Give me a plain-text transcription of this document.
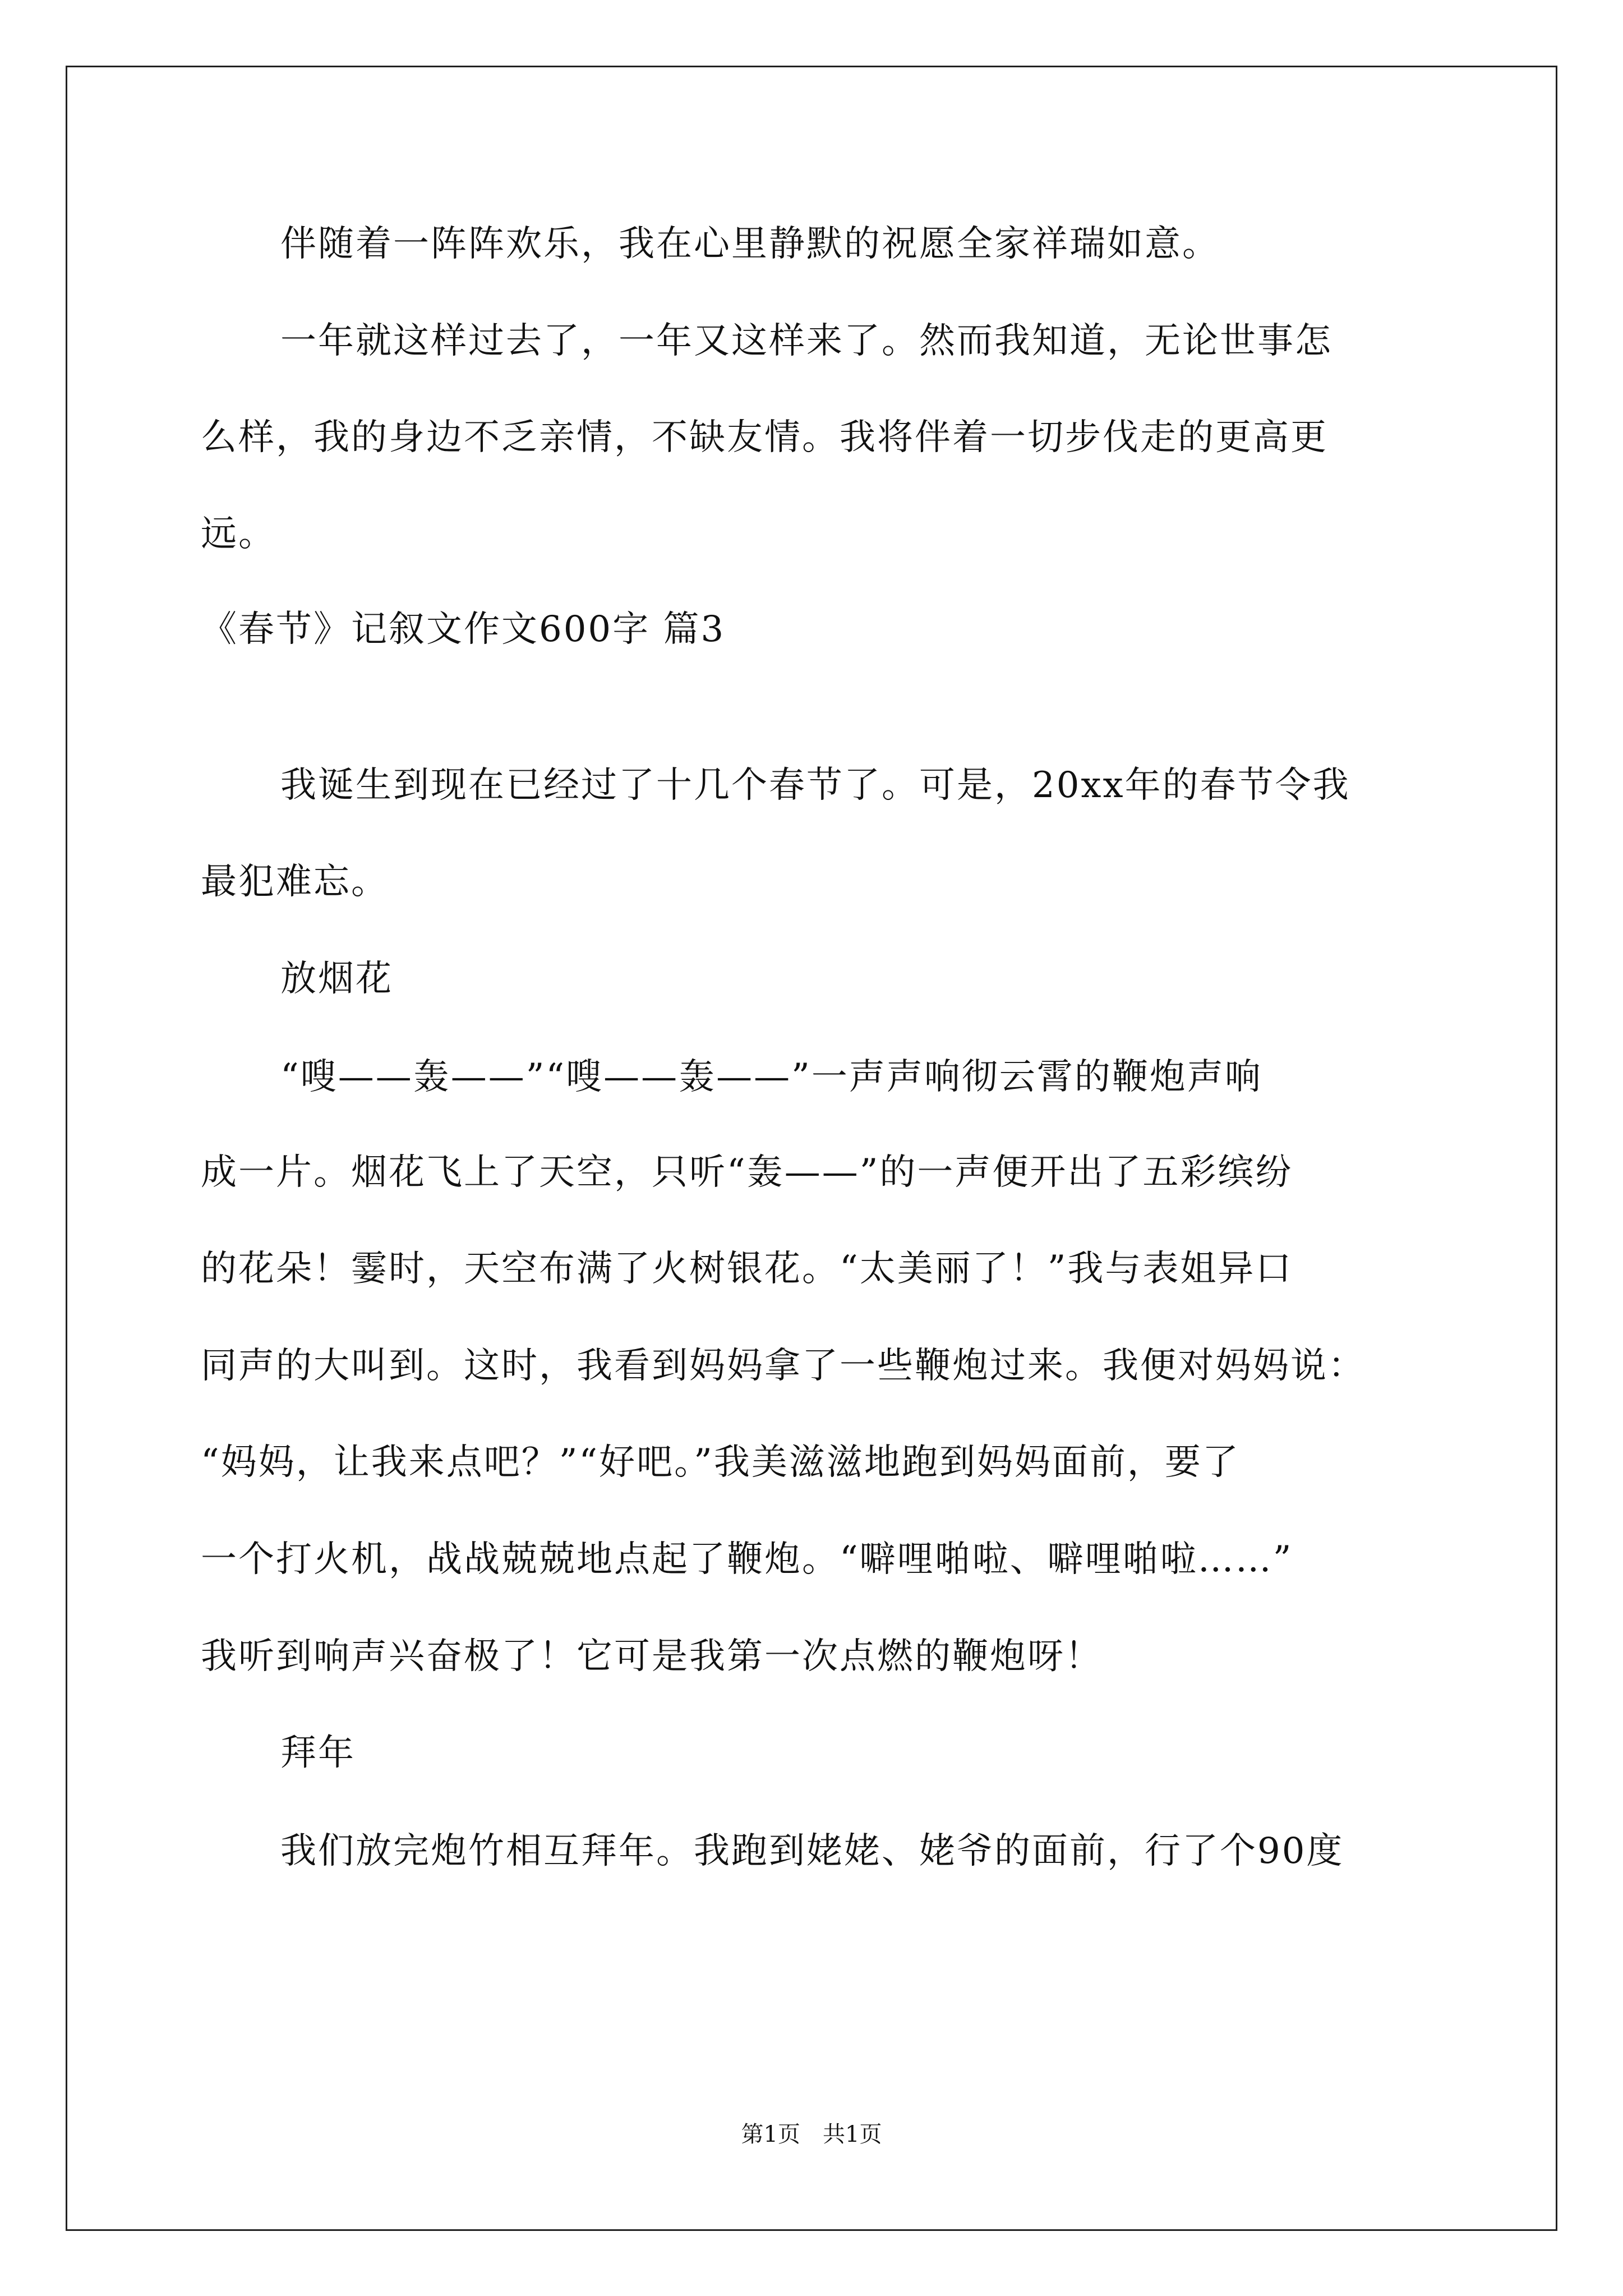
伴随着一阵阵欢乐，我在心里静默的祝愿全家祥瑞如意。

一年就这样过去了，一年又这样来了。然而我知道，无论世事怎

么样，我的身边不乏亲情，不缺友情。我将伴着一切步伐走的更高更

远。

《春节》记叙文作文600字 篇3

我诞生到现在已经过了十几个春节了。可是，20xx年的春节令我

最犯难忘。

放烟花

“嗖——轰——”“嗖——轰——”一声声响彻云霄的鞭炮声响

成一片。烟花飞上了天空，只听“轰——”的一声便开出了五彩缤纷

的花朵！霎时，天空布满了火树银花。“太美丽了！”我与表姐异口

同声的大叫到。这时，我看到妈妈拿了一些鞭炮过来。我便对妈妈说：

“妈妈，让我来点吧？”“好吧。”我美滋滋地跑到妈妈面前，要了

一个打火机，战战兢兢地点起了鞭炮。“噼哩啪啦、噼哩啪啦……”

我听到响声兴奋极了！它可是我第一次点燃的鞭炮呀！

拜年

我们放完炮竹相互拜年。我跑到姥姥、姥爷的面前，行了个90度

第1页　共1页
